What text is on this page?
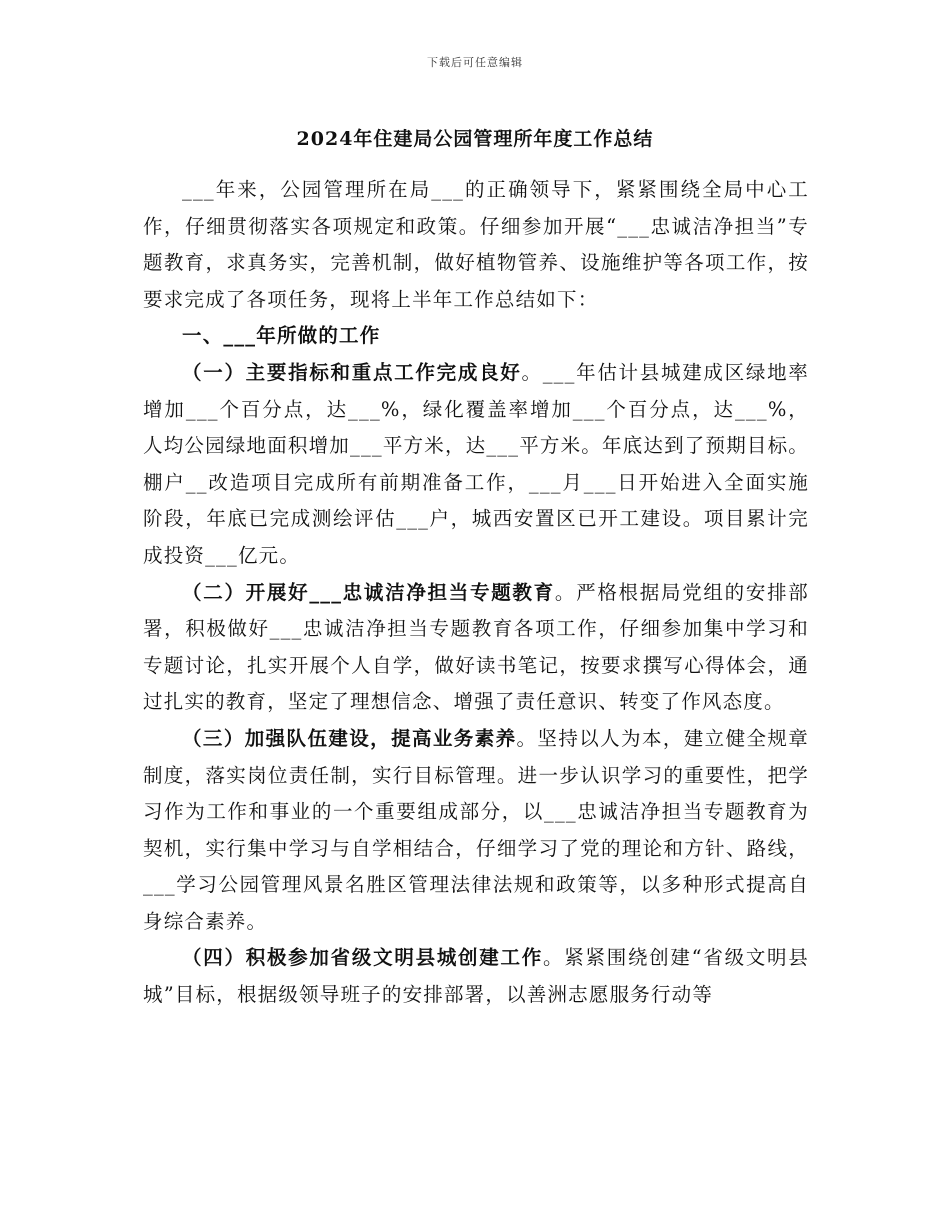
下载后可任意编辑
2024年住建局公园管理所年度工作总结

___年来，公园管理所在局___的正确领导下，紧紧围绕全局中心工作，仔细贯彻落实各项规定和政策。仔细参加开展“___忠诚洁净担当”专题教育，求真务实，完善机制，做好植物管养、设施维护等各项工作，按要求完成了各项任务，现将上半年工作总结如下：

一、___年所做的工作

（一）主要指标和重点工作完成良好。___年估计县城建成区绿地率增加___个百分点，达___%，绿化覆盖率增加___个百分点，达___%，人均公园绿地面积增加___平方米，达___平方米。年底达到了预期目标。棚户__改造项目完成所有前期准备工作，___月___日开始进入全面实施阶段，年底已完成测绘评估___户，城西安置区已开工建设。项目累计完成投资___亿元。

（二）开展好___忠诚洁净担当专题教育。严格根据局党组的安排部署，积极做好___忠诚洁净担当专题教育各项工作，仔细参加集中学习和专题讨论，扎实开展个人自学，做好读书笔记，按要求撰写心得体会，通过扎实的教育，坚定了理想信念、增强了责任意识、转变了作风态度。

（三）加强队伍建设，提高业务素养。坚持以人为本，建立健全规章制度，落实岗位责任制，实行目标管理。进一步认识学习的重要性，把学习作为工作和事业的一个重要组成部分，以___忠诚洁净担当专题教育为契机，实行集中学习与自学相结合，仔细学习了党的理论和方针、路线，___学习公园管理风景名胜区管理法律法规和政策等，以多种形式提高自身综合素养。

（四）积极参加省级文明县城创建工作。紧紧围绕创建“省级文明县城”目标，根据级领导班子的安排部署，以善洲志愿服务行动等
